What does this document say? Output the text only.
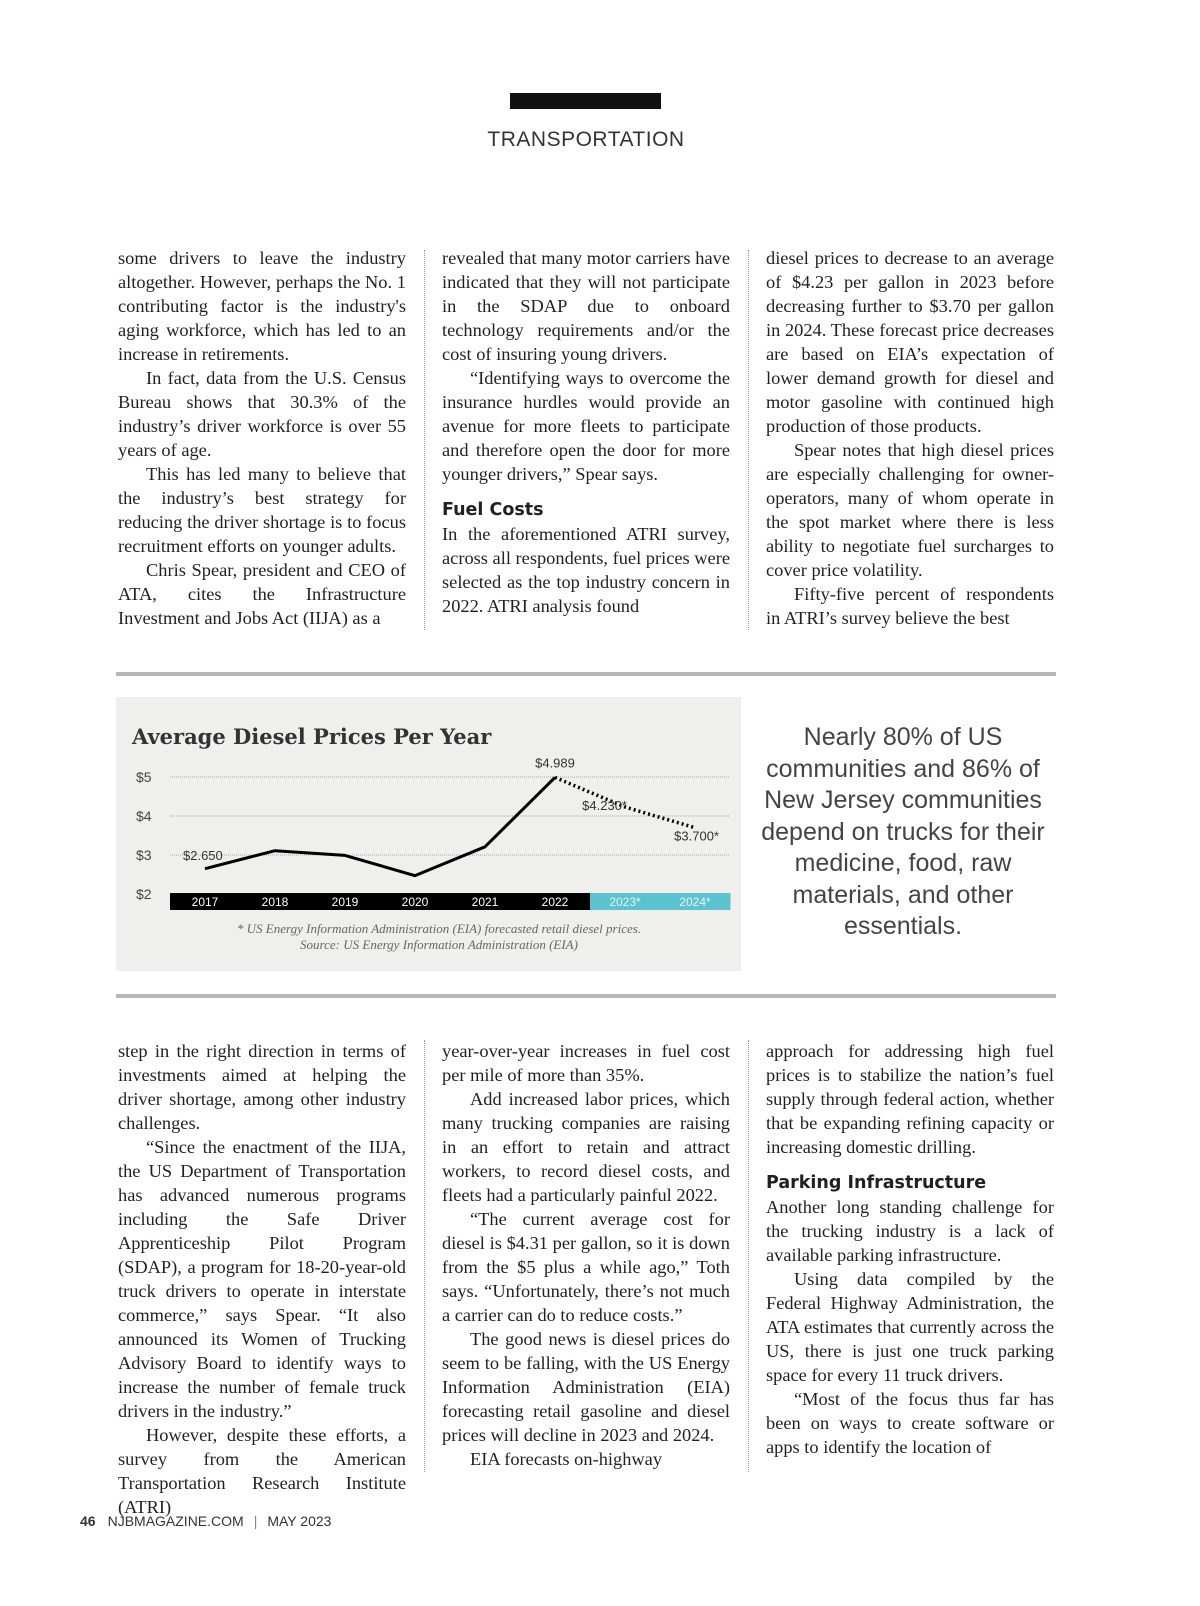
TRANSPORTATION

some drivers to leave the industry altogether. However, perhaps the No. 1 contributing factor is the industry's aging workforce, which has led to an increase in retirements.

In fact, data from the U.S. Census Bureau shows that 30.3% of the industry’s driver workforce is over 55 years of age.

This has led many to believe that the industry’s best strategy for reducing the driver shortage is to focus recruitment efforts on younger adults.

Chris Spear, president and CEO of ATA, cites the Infrastructure Investment and Jobs Act (IIJA) as a

revealed that many motor carriers have indicated that they will not participate in the SDAP due to onboard technology requirements and/or the cost of insuring young drivers.

“Identifying ways to overcome the insurance hurdles would provide an avenue for more fleets to participate and therefore open the door for more younger drivers,” Spear says.

Fuel Costs

In the aforementioned ATRI survey, across all respondents, fuel prices were selected as the top industry concern in 2022. ATRI analysis found

diesel prices to decrease to an average of $4.23 per gallon in 2023 before decreasing further to $3.70 per gallon in 2024. These forecast price decreases are based on EIA’s expectation of lower demand growth for diesel and motor gasoline with continued high production of those products.

Spear notes that high diesel prices are especially challenging for owner-operators, many of whom operate in the spot market where there is less ability to negotiate fuel surcharges to cover price volatility.

Fifty-five percent of respondents in ATRI’s survey believe the best

Average Diesel Prices Per Year
$5
$4
$3
$2	2017	2018	2019	2020	2021	2022	2023*	2024*
$2.650
$4.989
$4.230*
$3.700*
* US Energy Information Administration (EIA) forecasted retail diesel prices.
Source: US Energy Information Administration (EIA)
Nearly 80% of US communities and 86% of New Jersey communities depend on trucks for their medicine, food, raw materials, and other essentials.

step in the right direction in terms of investments aimed at helping the driver shortage, among other industry challenges.

“Since the enactment of the IIJA, the US Department of Transportation has advanced numerous programs including the Safe Driver Apprenticeship Pilot Program (SDAP), a program for 18-20-year-old truck drivers to operate in interstate commerce,” says Spear. “It also announced its Women of Trucking Advisory Board to identify ways to increase the number of female truck drivers in the industry.”

However, despite these efforts, a survey from the American Transportation Research Institute (ATRI)

year-over-year increases in fuel cost per mile of more than 35%.

Add increased labor prices, which many trucking companies are raising in an effort to retain and attract workers, to record diesel costs, and fleets had a particularly painful 2022.

“The current average cost for diesel is $4.31 per gallon, so it is down from the $5 plus a while ago,” Toth says. “Unfortunately, there’s not much a carrier can do to reduce costs.”

The good news is diesel prices do seem to be falling, with the US Energy Information Administration (EIA) forecasting retail gasoline and diesel prices will decline in 2023 and 2024.

EIA forecasts on-highway

approach for addressing high fuel prices is to stabilize the nation’s fuel supply through federal action, whether that be expanding refining capacity or increasing domestic drilling.

Parking Infrastructure

Another long standing challenge for the trucking industry is a lack of available parking infrastructure.

Using data compiled by the Federal Highway Administration, the ATA estimates that currently across the US, there is just one truck parking space for every 11 truck drivers.

“Most of the focus thus far has been on ways to create software or apps to identify the location of

46 NJBMAGAZINE.COM | MAY 2023
